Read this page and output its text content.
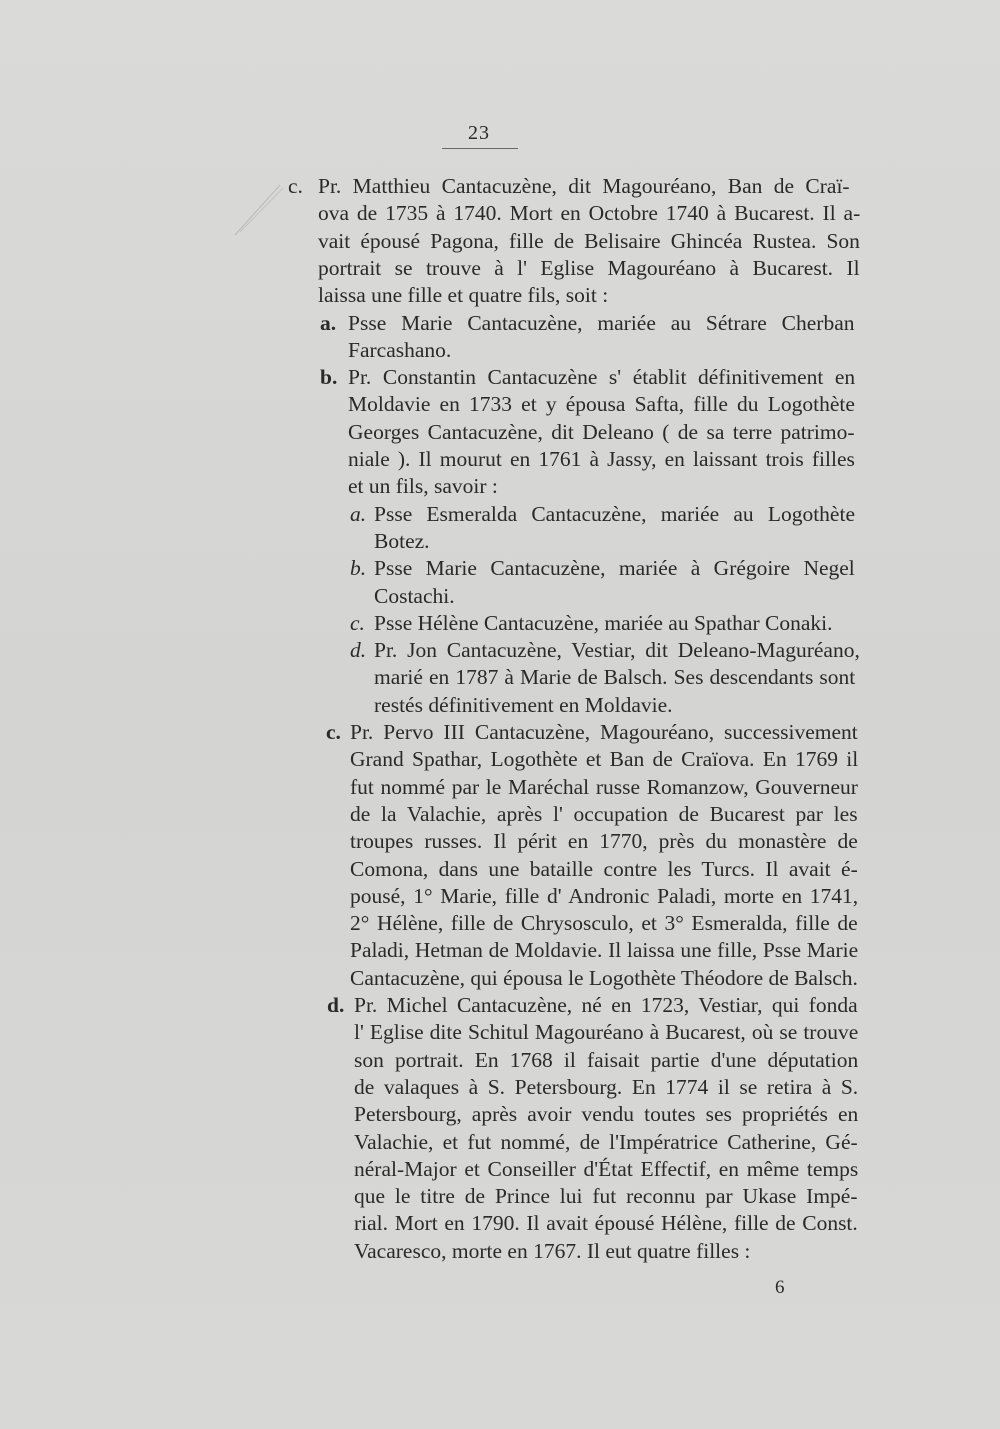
23
c. Pr. Matthieu Cantacuzène, dit Magouréano, Ban de Craï-
ova de 1735 à 1740. Mort en Octobre 1740 à Bucarest. Il a-
vait épousé Pagona, fille de Belisaire Ghincéa Rustea. Son
portrait se trouve à l' Eglise Magouréano à Bucarest. Il
laissa une fille et quatre fils, soit :
a. Psse Marie Cantacuzène, mariée au Sétrare Cherban
Farcashano.
b. Pr. Constantin Cantacuzène s' établit définitivement en
Moldavie en 1733 et y épousa Safta, fille du Logothète
Georges Cantacuzène, dit Deleano ( de sa terre patrimo-
niale ). Il mourut en 1761 à Jassy, en laissant trois filles
et un fils, savoir :
a. Psse Esmeralda Cantacuzène, mariée au Logothète
Botez.
b. Psse Marie Cantacuzène, mariée à Grégoire Negel
Costachi.
c. Psse Hélène Cantacuzène, mariée au Spathar Conaki.
d. Pr. Jon Cantacuzène, Vestiar, dit Deleano-Maguréano,
marié en 1787 à Marie de Balsch. Ses descendants sont
restés définitivement en Moldavie.
c. Pr. Pervo III Cantacuzène, Magouréano, successivement
Grand Spathar, Logothète et Ban de Craïova. En 1769 il
fut nommé par le Maréchal russe Romanzow, Gouverneur
de la Valachie, après l' occupation de Bucarest par les
troupes russes. Il périt en 1770, près du monastère de
Comona, dans une bataille contre les Turcs. Il avait é-
pousé, 1° Marie, fille d' Andronic Paladi, morte en 1741,
2° Hélène, fille de Chrysosculo, et 3° Esmeralda, fille de
Paladi, Hetman de Moldavie. Il laissa une fille, Psse Marie
Cantacuzène, qui épousa le Logothète Théodore de Balsch.
d. Pr. Michel Cantacuzène, né en 1723, Vestiar, qui fonda
l' Eglise dite Schitul Magouréano à Bucarest, où se trouve
son portrait. En 1768 il faisait partie d'une députation
de valaques à S. Petersbourg. En 1774 il se retira à S.
Petersbourg, après avoir vendu toutes ses propriétés en
Valachie, et fut nommé, de l'Impératrice Catherine, Gé-
néral-Major et Conseiller d'État Effectif, en même temps
que le titre de Prince lui fut reconnu par Ukase Impé-
rial. Mort en 1790. Il avait épousé Hélène, fille de Const.
Vacaresco, morte en 1767. Il eut quatre filles :
6
